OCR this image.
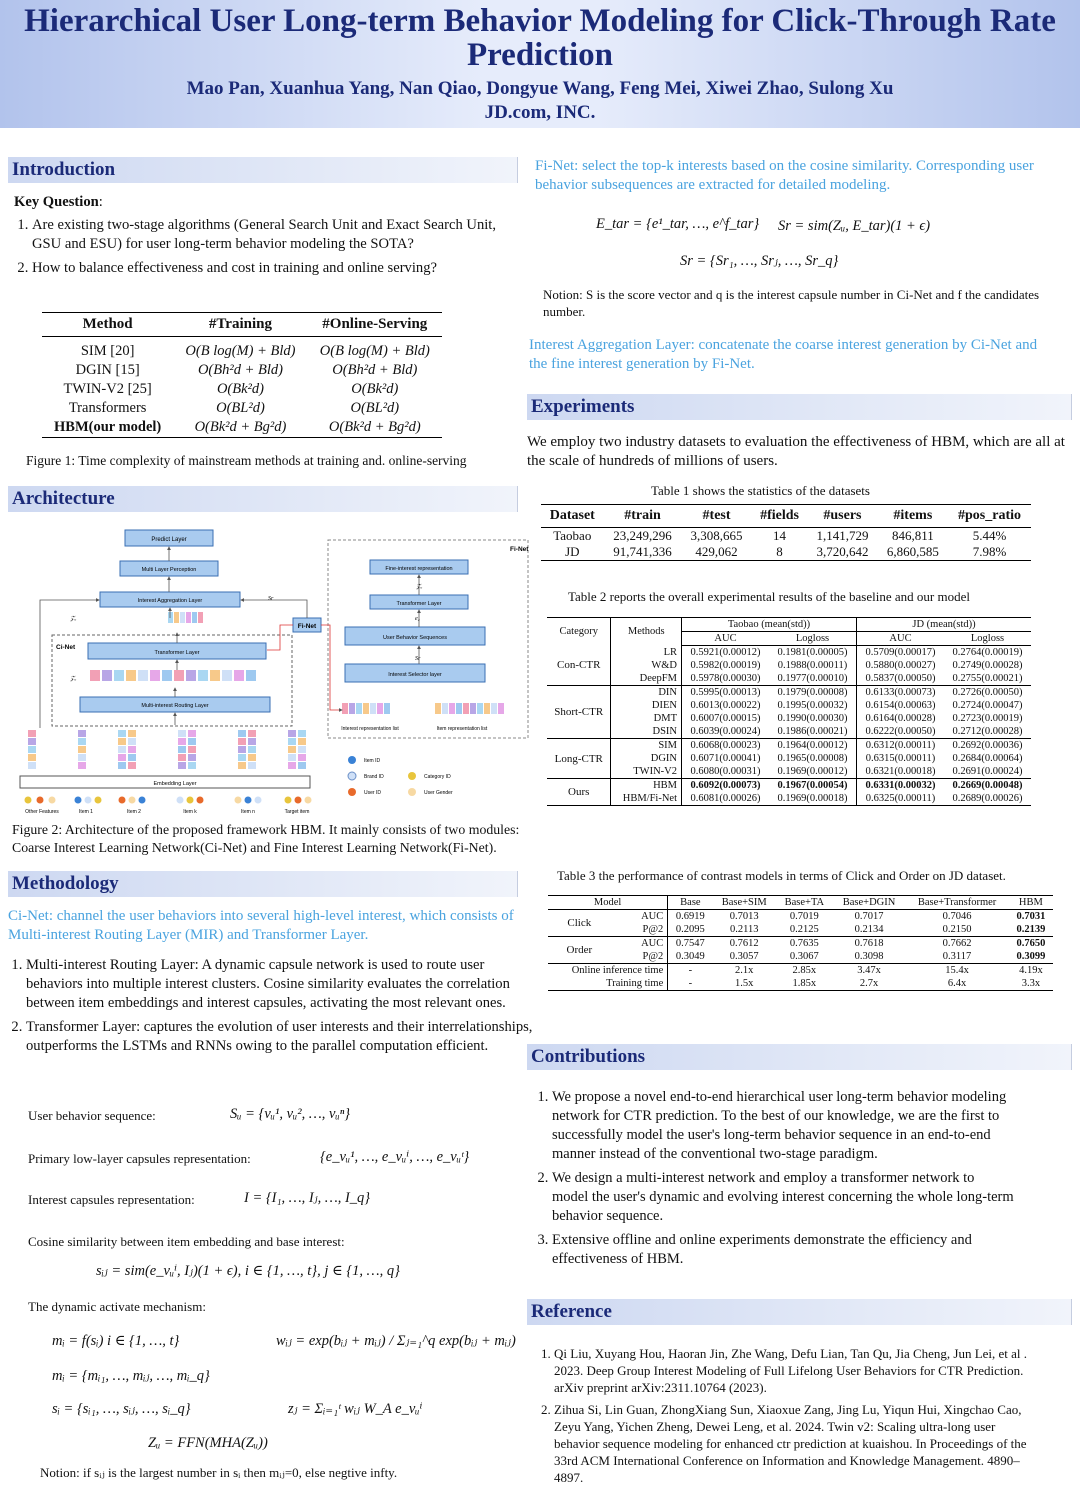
Hierarchical User Long-term Behavior Modeling for Click-Through Rate Prediction
Mao Pan, Xuanhua Yang, Nan Qiao, Dongyue Wang, Feng Mei, Xiwei Zhao, Sulong Xu
JD.com, INC.
Introduction
Key Question:
1. Are existing two-stage algorithms (General Search Unit and Exact Search Unit, GSU and ESU) for user long-term behavior modeling the SOTA?
2. How to balance effectiveness and cost in training and online serving?
Method	#Training	#Online-Serving
SIM [20]	O(B log(M) + Bld)	O(B log(M) + Bld)
DGIN [15]	O(Bh²d + Bld)	O(Bh²d + Bld)
TWIN-V2 [25]	O(Bk²d)	O(Bk²d)
Transformers	O(BL²d)	O(BL²d)
HBM(our model)	O(Bk²d + Bg²d)	O(Bk²d + Bg²d)
Figure 1: Time complexity of mainstream methods at training and. online-serving
Architecture
Predict Layer
Multi Layer Perception
Interest Aggregation Layer
Ci-Net
Transformer Layer
Multi-interest Routing Layer
Fi-Net
Fi-Net
Fine-interest representation
Transformer Layer
User Behavior Sequences
Interest Selector layer
Interest representation list	Item representation list
Embedding Layer
Other Features	Item 1	Item 2	Item k	Item n	Target item
Item ID
Brand ID	Category ID
User ID	User Gender
𝒵ᵤ
𝒵ᵤ
Sr
𝒵ᵤ
e₂
Sr
Figure 2: Architecture of the proposed framework HBM. It mainly consists of two modules: Coarse Interest Learning Network(Ci-Net) and Fine Interest Learning Network(Fi-Net).
Methodology
Ci-Net: channel the user behaviors into several high-level interest, which consists of Multi-interest Routing Layer (MIR) and Transformer Layer.
1. Multi-interest Routing Layer: A dynamic capsule network is used to route user behaviors into multiple interest clusters. Cosine similarity evaluates the correlation between item embeddings and interest capsules, activating the most relevant ones.
2. Transformer Layer: captures the evolution of user interests and their interrelationships, outperforms the LSTMs and RNNs owing to the parallel computation efficient.
User behavior sequence:	Sᵤ = {vᵤ¹, vᵤ², …, vᵤⁿ}
Primary low-layer capsules representation:	{e_vᵤ¹, …, e_vᵤⁱ, …, e_vᵤᵗ}
Interest capsules representation:	I = {I₁, …, Iⱼ, …, I_q}
Cosine similarity between item embedding and base interest:
sᵢⱼ = sim(e_vᵤⁱ, Iⱼ)(1 + ϵ), i ∈ {1, …, t}, j ∈ {1, …, q}
The dynamic activate mechanism:
mᵢ = f(sᵢ) i ∈ {1, …, t}	wᵢⱼ = exp(bᵢⱼ + mᵢⱼ) / Σⱼ₌₁^q exp(bᵢⱼ + mᵢⱼ)
mᵢ = {mᵢ₁, …, mᵢⱼ, …, mᵢ_q}
sᵢ = {sᵢ₁, …, sᵢⱼ, …, sᵢ_q}	zⱼ = Σᵢ₌₁ᵗ wᵢⱼ W_A e_vᵤⁱ
Zᵤ = FFN(MHA(Zᵤ))
Notion: if sᵢⱼ is the largest number in sᵢ then mᵢⱼ=0, else negtive infty.
Fi-Net: select the top-k interests based on the cosine similarity. Corresponding user behavior subsequences are extracted for detailed modeling.
E_tar = {e¹_tar, …, e^f_tar} Sr = sim(Zᵤ, E_tar)(1 + ϵ)
Sr = {Sr₁, …, Srⱼ, …, Sr_q}
Notion: S is the score vector and q is the interest capsule number in Ci-Net and f the candidates number.
Interest Aggregation Layer: concatenate the coarse interest generation by Ci-Net and the fine interest generation by Fi-Net.
Experiments
We employ two industry datasets to evaluation the effectiveness of HBM, which are all at the scale of hundreds of millions of users.
Table 1 shows the statistics of the datasets
Dataset	#train	#test	#fields	#users	#items	#pos_ratio
Taobao	23,249,296	3,308,665	14	1,141,729	846,811	5.44%
JD	91,741,336	429,062	8	3,720,642	6,860,585	7.98%
Table 2 reports the overall experimental results of the baseline and our model
Category	Methods	Taobao (mean(std))		JD (mean(std))	
		AUC	Logloss	AUC	Logloss
Con-CTR	LR	0.5921(0.00012)	0.1981(0.00005)	0.5709(0.00017)	0.2764(0.00019)
	W&D	0.5982(0.00019)	0.1988(0.00011)	0.5880(0.00027)	0.2749(0.00028)
	DeepFM	0.5978(0.00030)	0.1977(0.00010)	0.5837(0.00050)	0.2755(0.00021)
Short-CTR	DIN	0.5995(0.00013)	0.1979(0.00008)	0.6133(0.00073)	0.2726(0.00050)
	DIEN	0.6013(0.00022)	0.1995(0.00032)	0.6154(0.00063)	0.2724(0.00047)
	DMT	0.6007(0.00015)	0.1990(0.00030)	0.6164(0.00028)	0.2723(0.00019)
	DSIN	0.6039(0.00024)	0.1986(0.00021)	0.6222(0.00050)	0.2712(0.00028)
Long-CTR	SIM	0.6068(0.00023)	0.1964(0.00012)	0.6312(0.00011)	0.2692(0.00036)
	DGIN	0.6071(0.00041)	0.1965(0.00008)	0.6315(0.00011)	0.2684(0.00064)
	TWIN-V2	0.6080(0.00031)	0.1969(0.00012)	0.6321(0.00018)	0.2691(0.00024)
Ours	HBM	0.6092(0.00073)	0.1967(0.00054)	0.6331(0.00032)	0.2669(0.00048)
	HBM/Fi-Net	0.6081(0.00026)	0.1969(0.00018)	0.6325(0.00011)	0.2689(0.00026)
Table 3 the performance of contrast models in terms of Click and Order on JD dataset.
Model		Base	Base+SIM	Base+TA	Base+DGIN	Base+Transformer	HBM
Click	AUC	0.6919	0.7013	0.7019	0.7017	0.7046	0.7031
	P@2	0.2095	0.2113	0.2125	0.2134	0.2150	0.2139
Order	AUC	0.7547	0.7612	0.7635	0.7618	0.7662	0.7650
	P@2	0.3049	0.3057	0.3067	0.3098	0.3117	0.3099
Online inference time		-	2.1x	2.85x	3.47x	15.4x	4.19x
Training time		-	1.5x	1.85x	2.7x	6.4x	3.3x
Contributions
1. We propose a novel end-to-end hierarchical user long-term behavior modeling network for CTR prediction. To the best of our knowledge, we are the first to successfully model the user's long-term behavior sequence in an end-to-end manner instead of the conventional two-stage paradigm.
2. We design a multi-interest network and employ a transformer network to model the user's dynamic and evolving interest concerning the whole long-term behavior sequence.
3. Extensive offline and online experiments demonstrate the efficiency and effectiveness of HBM.
Reference
1. Qi Liu, Xuyang Hou, Haoran Jin, Zhe Wang, Defu Lian, Tan Qu, Jia Cheng, Jun Lei, et al . 2023. Deep Group Interest Modeling of Full Lifelong User Behaviors for CTR Prediction. arXiv preprint arXiv:2311.10764 (2023).
2. Zihua Si, Lin Guan, ZhongXiang Sun, Xiaoxue Zang, Jing Lu, Yiqun Hui, Xingchao Cao, Zeyu Yang, Yichen Zheng, Dewei Leng, et al. 2024. Twin v2: Scaling ultra-long user behavior sequence modeling for enhanced ctr prediction at kuaishou. In Proceedings of the 33rd ACM International Conference on Information and Knowledge Management. 4890–4897.
